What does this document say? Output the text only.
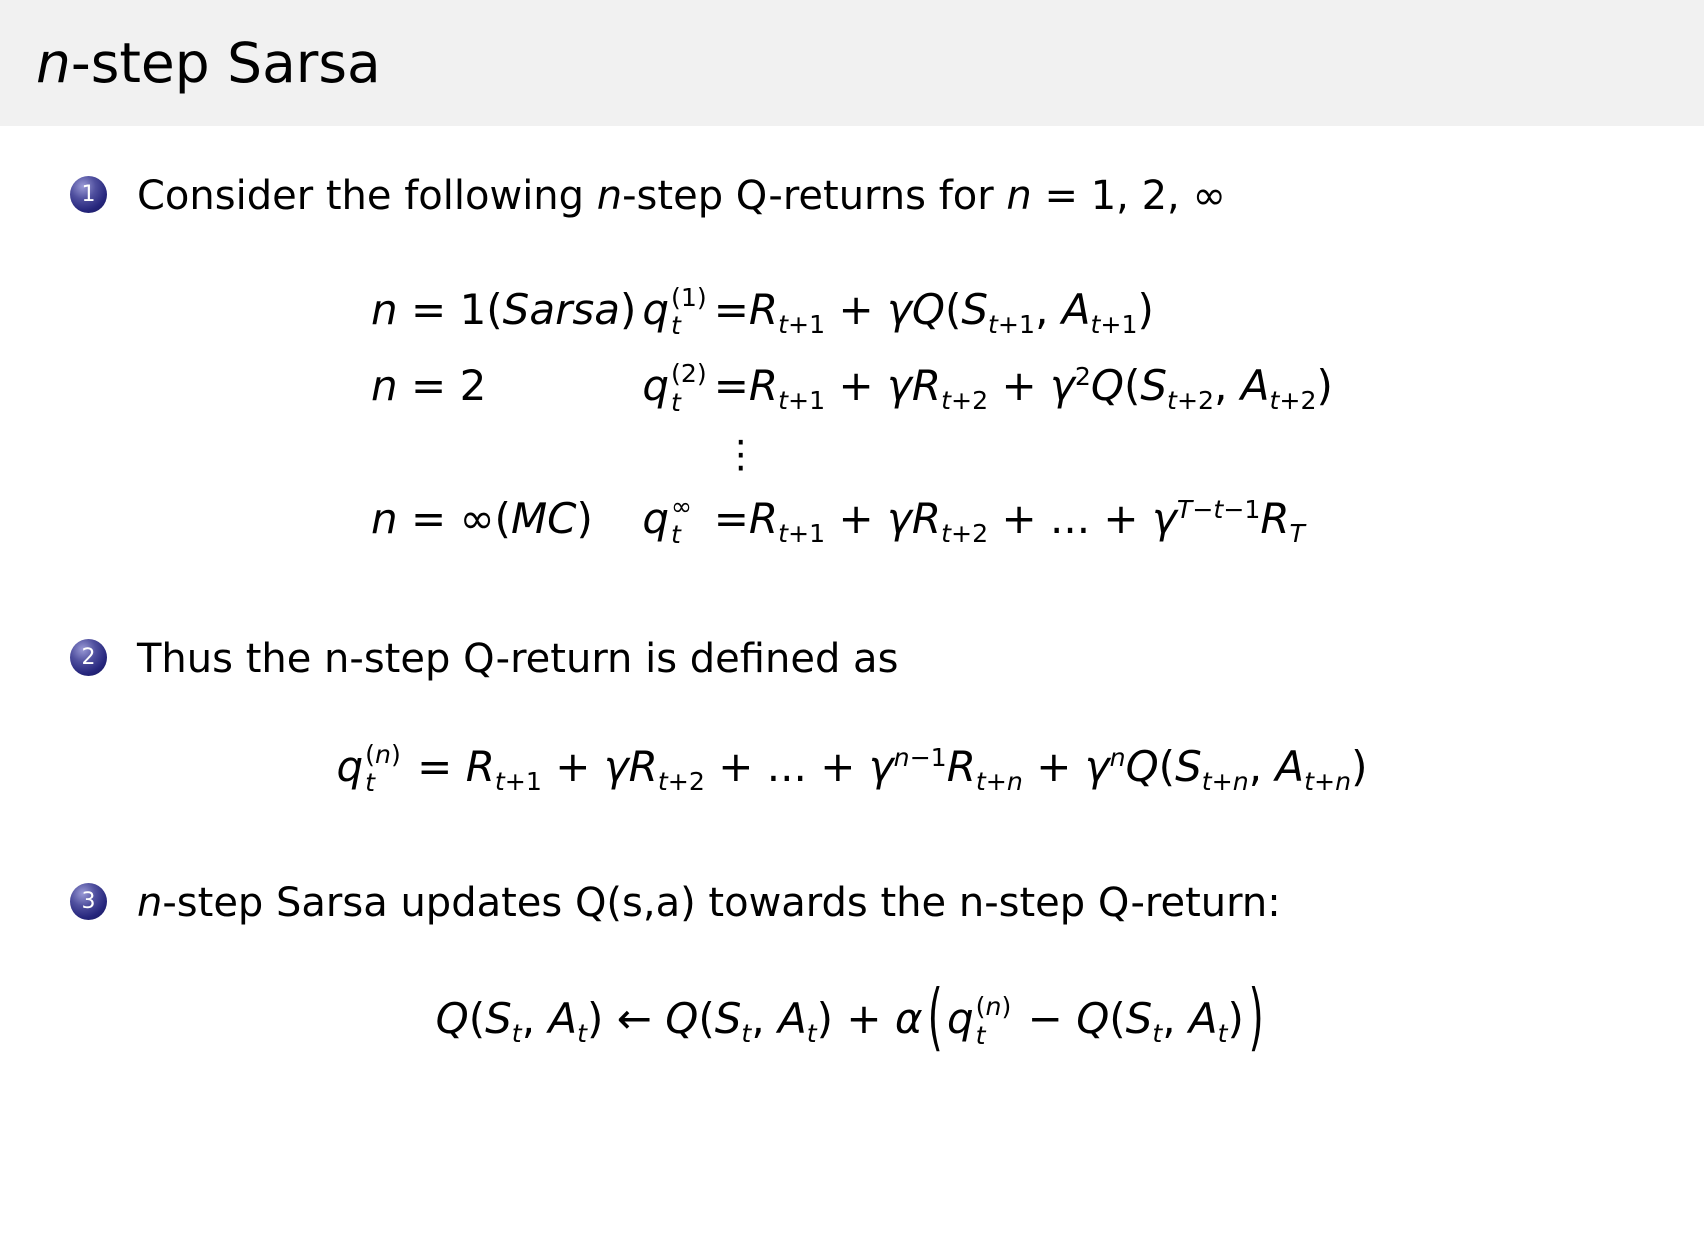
n-step Sarsa
1 Consider the following n-step Q-returns for n = 1, 2, ∞
n = 1(Sarsa) q (1)
$t =R_{t+1} + \gamma Q(S_{t+1}$, $A_{t+1}$)
n = 2	q (2)
$t =R_{t+1} + \gamma R_{t+2} + \gamma^2Q(S_{t+2}$, $A_{t+2}$)
⋮
n = ∞(MC)	q ∞
$t =R_{t+1} + \gamma R_{t+2}$ + ... + $\gamma^{T-t-1}R_T$
2 Thus the n-step Q-return is defined as
q (n)
$t = R_{t+1} + \gamma R_{t+2}$ + ... + $\gamma^{n-1}R_{t+n} + \gamma^nQ(S_{t+n}$, $A_{t+n}$)
3 n-step Sarsa updates Q(s,a) towards the n-step Q-return:
$Q(S_t$, $A_t$) ← $Q(S_t$, $A_t) + \alpha$ ( q (n)
$t - Q(S_t$, $A_t$) )
